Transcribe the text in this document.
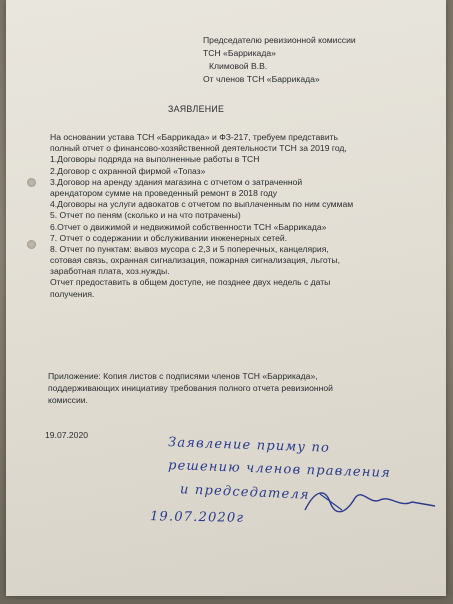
Председателю ревизионной комиссии
ТСН «Баррикада»
Климовой В.В.
От членов ТСН «Баррикада»
ЗАЯВЛЕНИЕ
На основании устава ТСН «Баррикада» и ФЗ-217, требуем представить
полный отчет о финансово-хозяйственной деятельности ТСН за 2019 год,
1.Договоры подряда на выполненные работы в ТСН
2.Договор с охранной фирмой «Топаз»
3.Договор на аренду здания магазина с отчетом о затраченной
арендатором сумме на проведенный ремонт в 2018 году
4.Договоры на услуги адвокатов с отчетом по выплаченным по ним суммам
5. Отчет по пеням (сколько и на что потрачены)
6.Отчет о движимой и недвижимой собственности ТСН «Баррикада»
7. Отчет о содержании и обслуживании инженерных сетей.
8. Отчет по пунктам: вывоз мусора с 2,3 и 5 поперечных, канцелярия,
сотовая связь, охранная сигнализация, пожарная сигнализация, льготы,
заработная плата, хоз.нужды.
Отчет предоставить в общем доступе, не позднее двух недель с даты
получения.
Приложение: Копия листов с подписями членов ТСН «Баррикада»,
поддерживающих инициативу требования полного отчета ревизионной
комиссии.
19.07.2020
Заявление приму по
решению членов правления
и председателя
19.07.2020г
